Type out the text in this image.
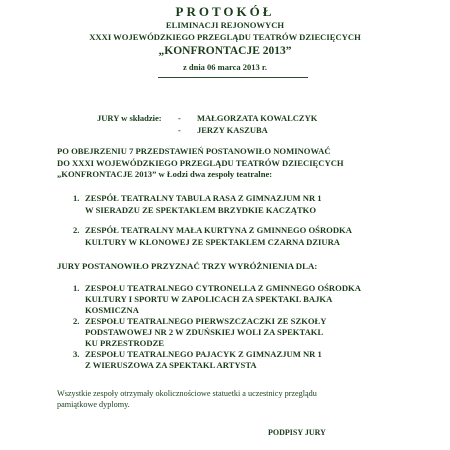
PROTOKÓŁ
ELIMINACJI REJONOWYCH
XXXI WOJEWÓDZKIEGO PRZEGLĄDU TEATRÓW DZIECIĘCYCH
„KONFRONTACJE 2013”
z dnia 06 marca 2013 r.
JURY w składzie: - MAŁGORZATA KOWALCZYK
- JERZY KASZUBA
PO OBEJRZENIU 7 PRZEDSTAWIEŃ POSTANOWIŁO NOMINOWAĆ
DO XXXI WOJEWÓDZKIEGO PRZEGLĄDU TEATRÓW DZIECIĘCYCH
„KONFRONTACJE 2013” w Łodzi dwa zespoły teatralne:
1. ZESPÓŁ TEATRALNY TABULA RASA Z GIMNAZJUM NR 1
W SIERADZU ZE SPEKTAKLEM BRZYDKIE KACZĄTKO
2. ZESPÓŁ TEATRALNY MAŁA KURTYNA Z GMINNEGO OŚRODKA
KULTURY W KLONOWEJ ZE SPEKTAKLEM CZARNA DZIURA
JURY POSTANOWIŁO PRZYZNAĆ TRZY WYRÓŻNIENIA DLA:
1. ZESPOŁU TEATRALNEGO CYTRONELLA Z GMINNEGO OŚRODKA
KULTURY I SPORTU W ZAPOLICACH ZA SPEKTAKL BAJKA
KOSMICZNA
2. ZESPOŁU TEATRALNEGO PIERWSZCZACZKI ZE SZKOŁY
PODSTAWOWEJ NR 2 W ZDUŃSKIEJ WOLI ZA SPEKTAKL
KU PRZESTRODZE
3. ZESPOŁU TEATRALNEGO PAJACYK Z GIMNAZJUM NR 1
Z WIERUSZOWA ZA SPEKTAKL ARTYSTA
Wszystkie zespoły otrzymały okolicznościowe statuetki a uczestnicy przeglądu
pamiątkowe dyplomy.
PODPISY JURY
